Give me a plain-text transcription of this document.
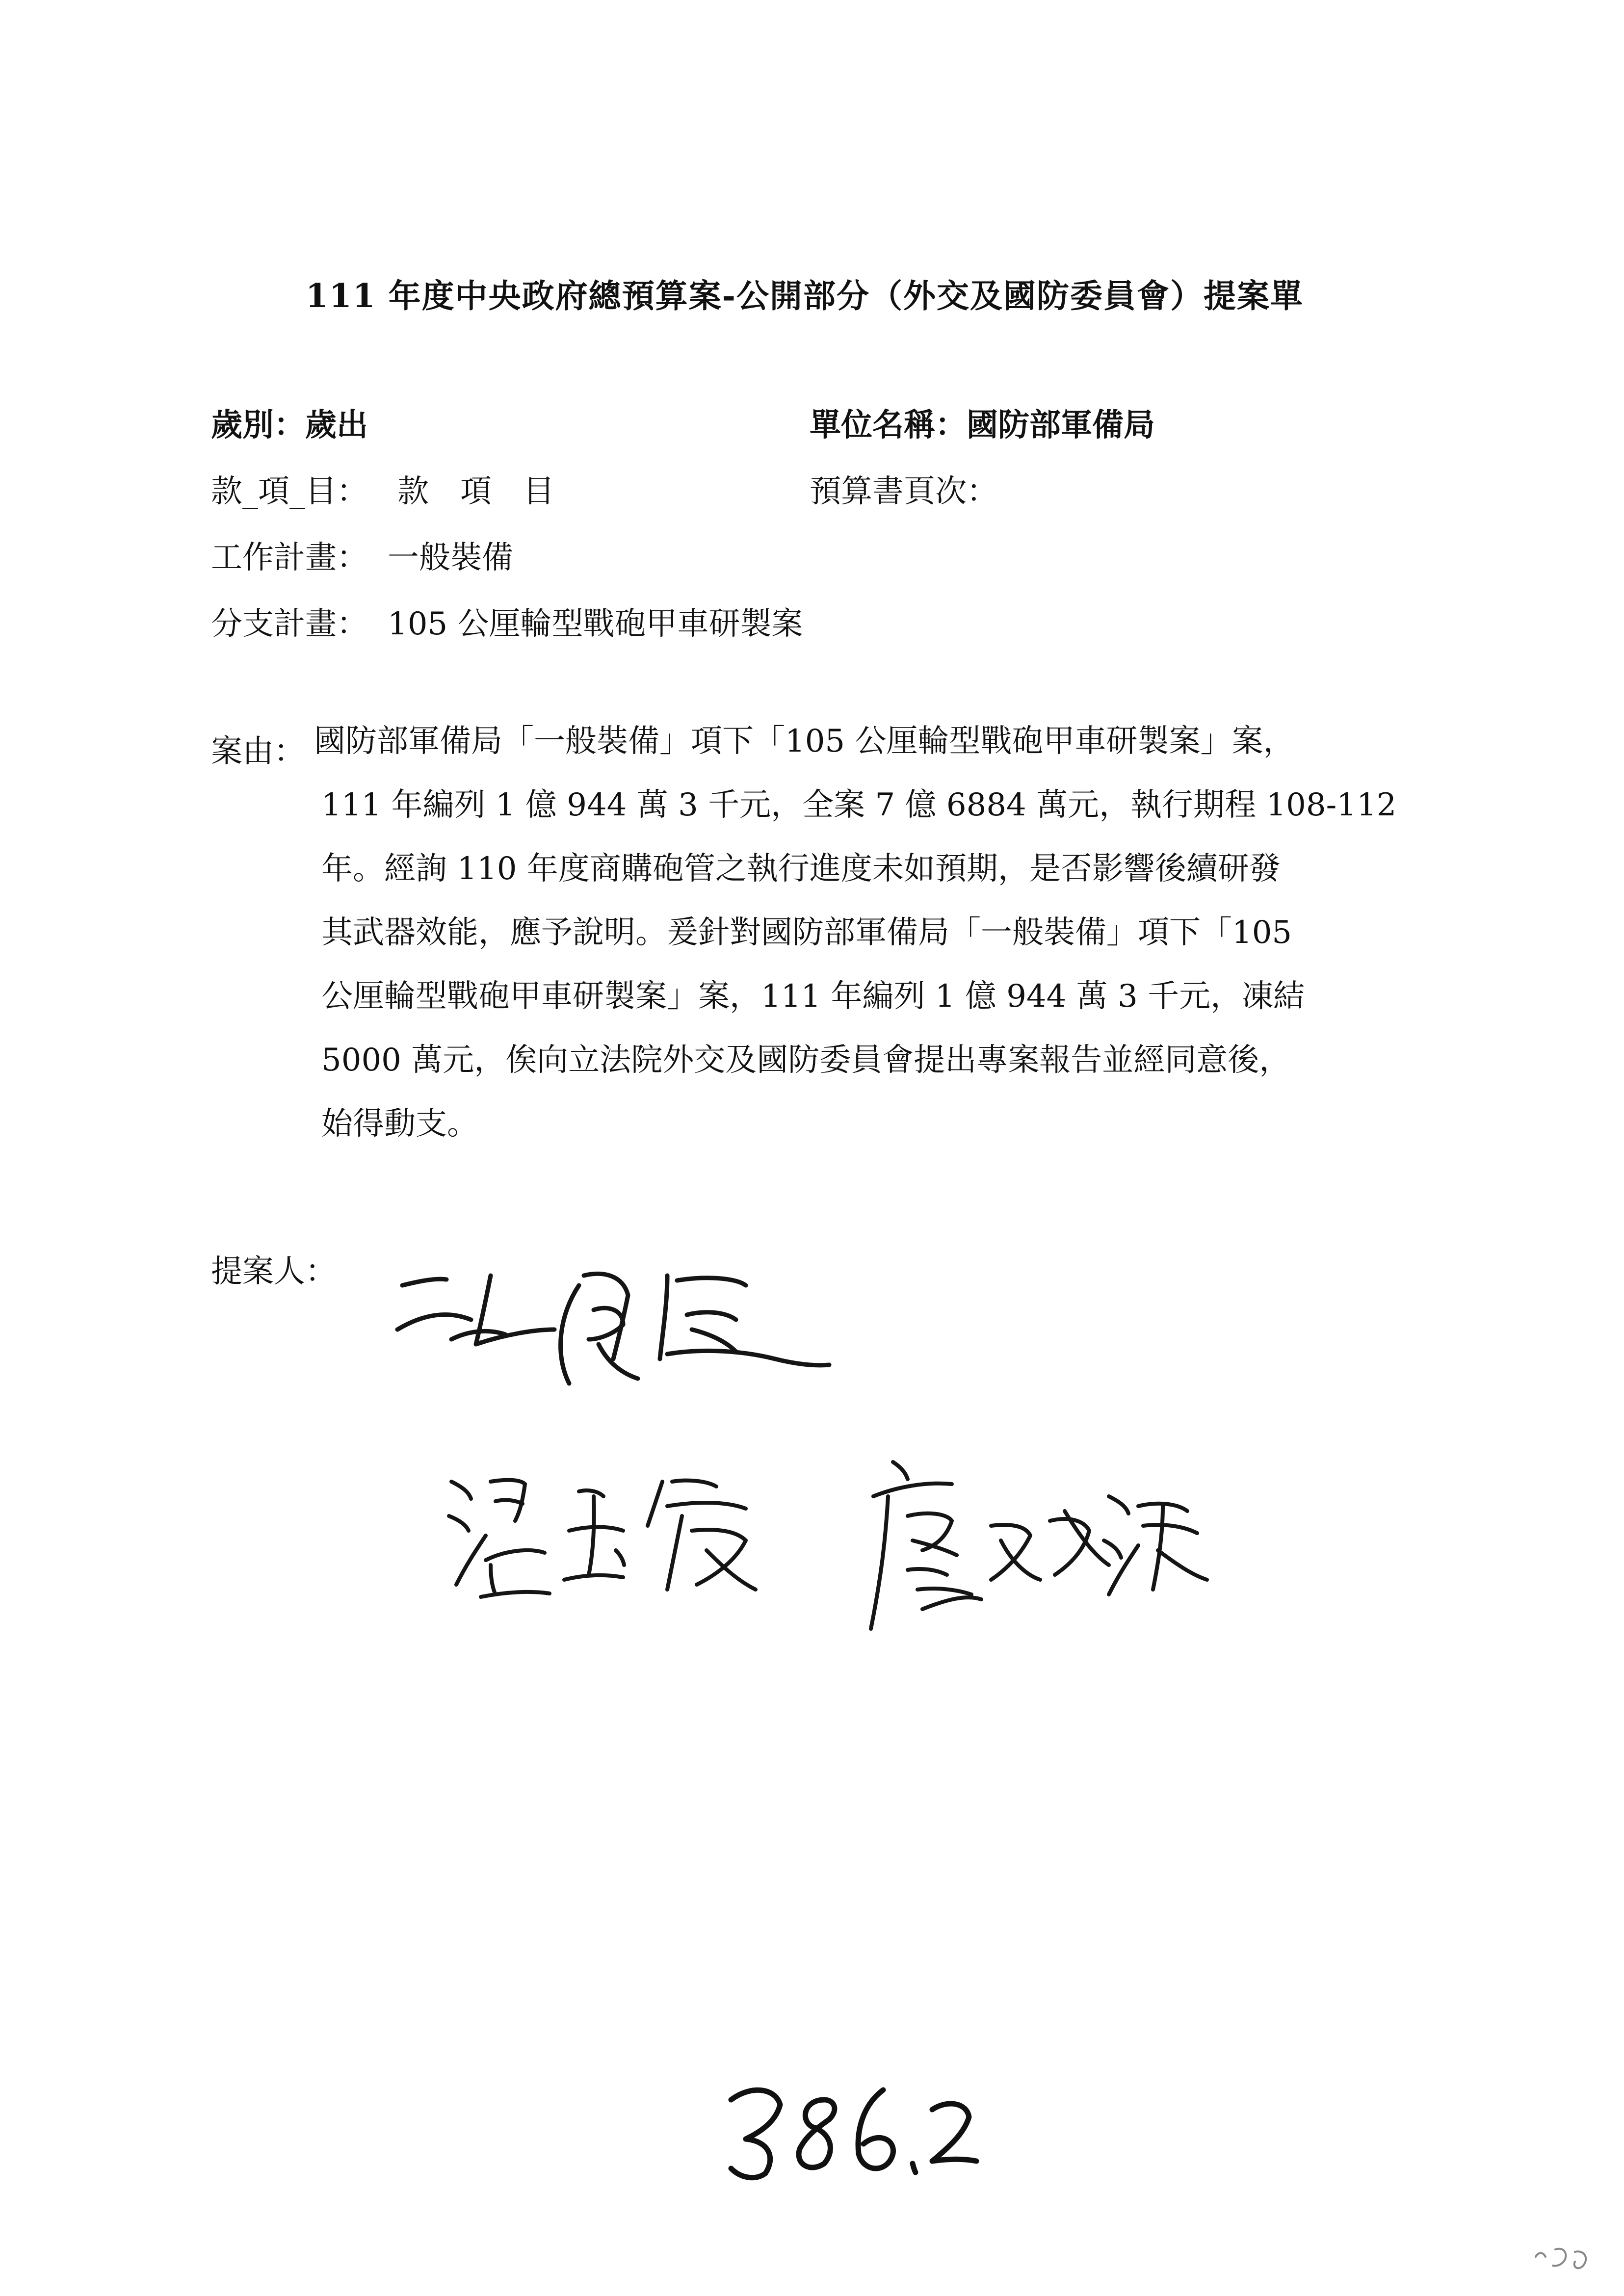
111 年度中央政府總預算案-公開部分（外交及國防委員會）提案單
歲別：歲出	單位名稱：國防部軍備局
款_項_目： 款　項　目	預算書頁次：
工作計畫： 一般裝備
分支計畫： 105 公厘輪型戰砲甲車研製案
案由： 國防部軍備局「一般裝備」項下「105 公厘輪型戰砲甲車研製案」案，
111 年編列 1 億 944 萬 3 千元，全案 7 億 6884 萬元，執行期程 108-112
年。經詢 110 年度商購砲管之執行進度未如預期，是否影響後續研發
其武器效能，應予說明。爰針對國防部軍備局「一般裝備」項下「105
公厘輪型戰砲甲車研製案」案，111 年編列 1 億 944 萬 3 千元，凍結
5000 萬元，俟向立法院外交及國防委員會提出專案報告並經同意後，
始得動支。
提案人：
